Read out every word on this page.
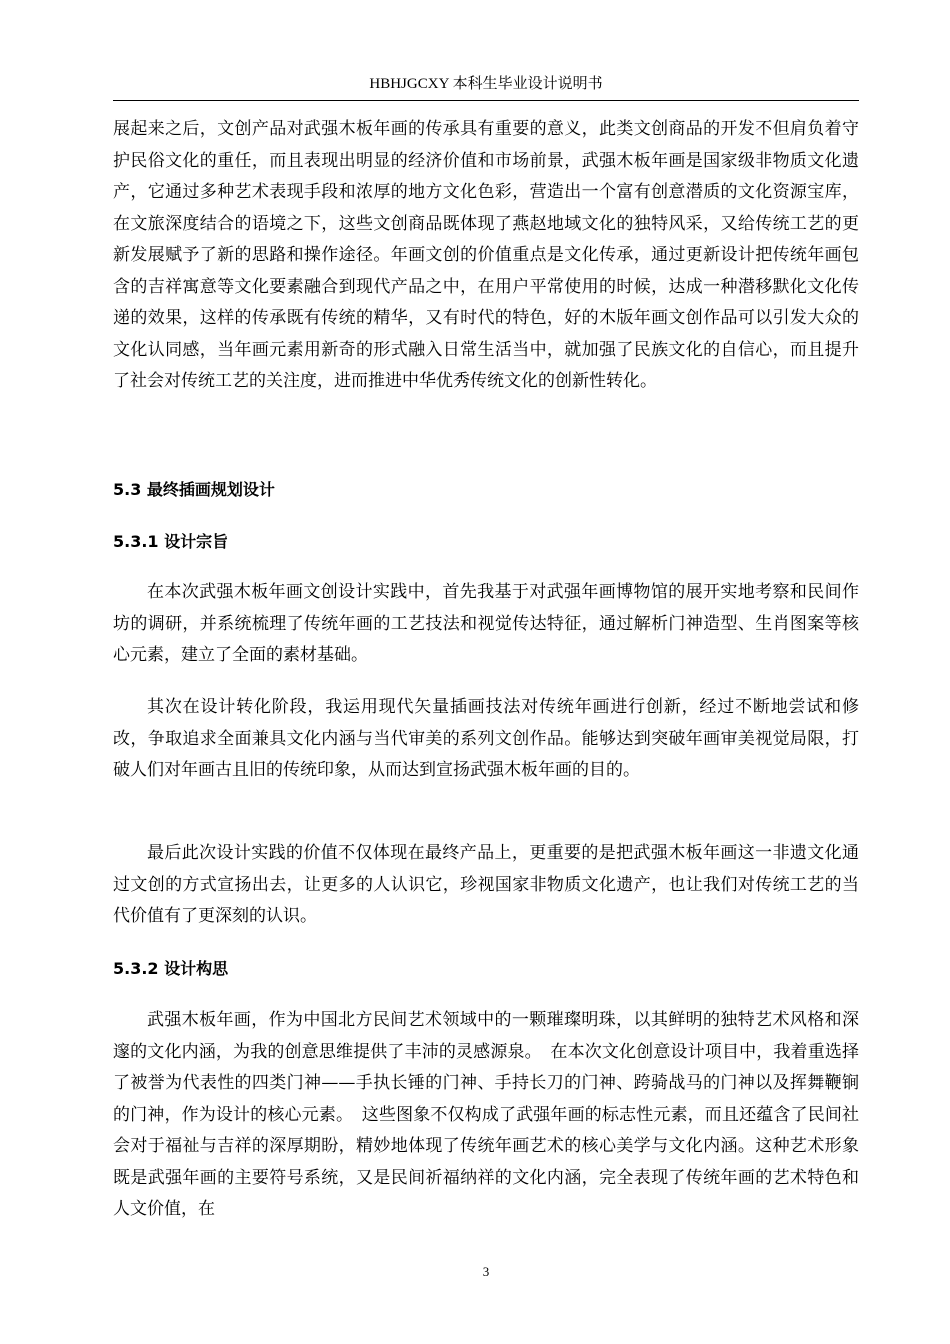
HBHJGCXY 本科生毕业设计说明书

展起来之后，文创产品对武强木板年画的传承具有重要的意义，此类文创商品的开发不但肩负着守护民俗文化的重任，而且表现出明显的经济价值和市场前景，武强木板年画是国家级非物质文化遗产，它通过多种艺术表现手段和浓厚的地方文化色彩，营造出一个富有创意潜质的文化资源宝库，在文旅深度结合的语境之下，这些文创商品既体现了燕赵地域文化的独特风采，又给传统工艺的更新发展赋予了新的思路和操作途径。年画文创的价值重点是文化传承，通过更新设计把传统年画包含的吉祥寓意等文化要素融合到现代产品之中，在用户平常使用的时候，达成一种潜移默化文化传递的效果，这样的传承既有传统的精华，又有时代的特色，好的木版年画文创作品可以引发大众的文化认同感，当年画元素用新奇的形式融入日常生活当中，就加强了民族文化的自信心，而且提升了社会对传统工艺的关注度，进而推进中华优秀传统文化的创新性转化。

5.3 最终插画规划设计
5.3.1 设计宗旨

在本次武强木板年画文创设计实践中，首先我基于对武强年画博物馆的展开实地考察和民间作坊的调研，并系统梳理了传统年画的工艺技法和视觉传达特征，通过解析门神造型、生肖图案等核心元素，建立了全面的素材基础。

其次在设计转化阶段，我运用现代矢量插画技法对传统年画进行创新，经过不断地尝试和修改，争取追求全面兼具文化内涵与当代审美的系列文创作品。能够达到突破年画审美视觉局限，打破人们对年画古且旧的传统印象，从而达到宣扬武强木板年画的目的。

最后此次设计实践的价值不仅体现在最终产品上，更重要的是把武强木板年画这一非遗文化通过文创的方式宣扬出去，让更多的人认识它，珍视国家非物质文化遗产，也让我们对传统工艺的当代价值有了更深刻的认识。

5.3.2 设计构思

武强木板年画，作为中国北方民间艺术领域中的一颗璀璨明珠，以其鲜明的独特艺术风格和深邃的文化内涵，为我的创意思维提供了丰沛的灵感源泉。　在本次文化创意设计项目中，我着重选择了被誉为代表性的四类门神——手执长锤的门神、手持长刀的门神、跨骑战马的门神以及挥舞鞭锏的门神，作为设计的核心元素。　这些图象不仅构成了武强年画的标志性元素，而且还蕴含了民间社会对于福祉与吉祥的深厚期盼，精妙地体现了传统年画艺术的核心美学与文化内涵。这种艺术形象既是武强年画的主要符号系统，又是民间祈福纳祥的文化内涵，完全表现了传统年画的艺术特色和人文价值，在

3
